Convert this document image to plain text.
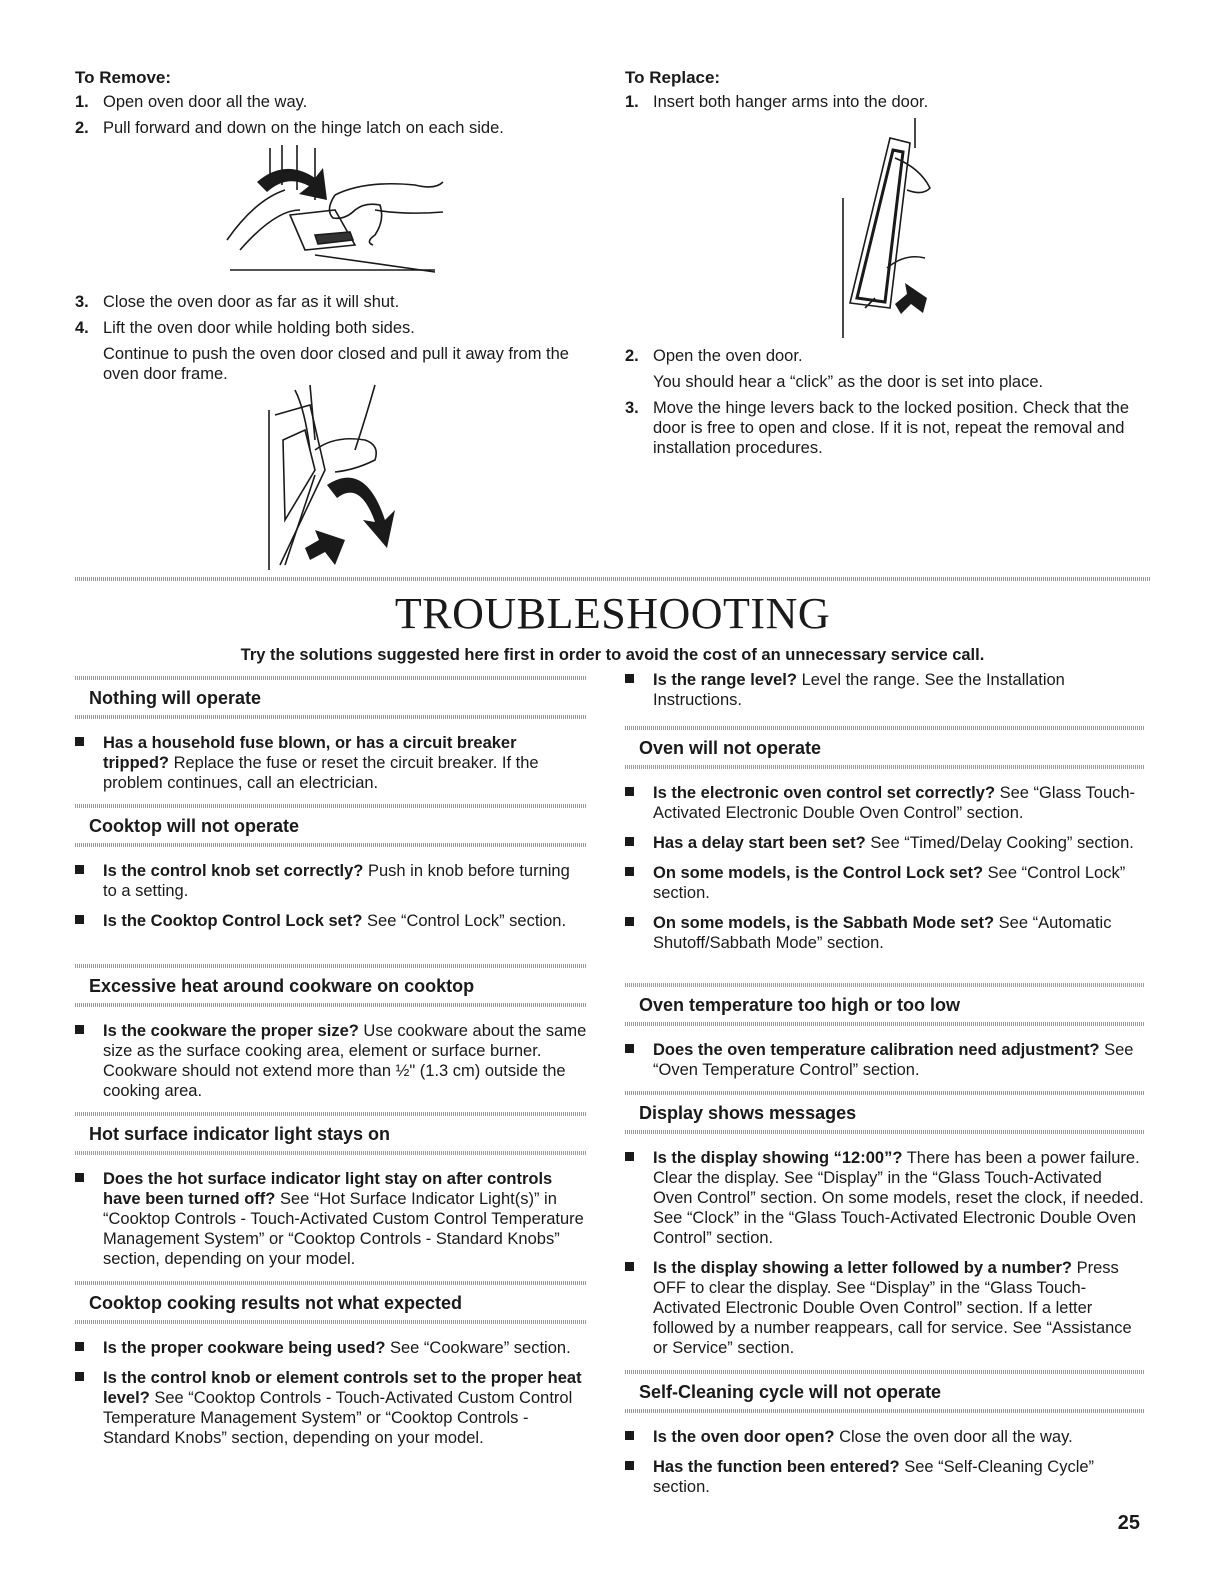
To Remove:
1. Open oven door all the way.
2. Pull forward and down on the hinge latch on each side.
3. Close the oven door as far as it will shut.
4. Lift the oven door while holding both sides.
Continue to push the oven door closed and pull it away from the oven door frame.
To Replace:
1. Insert both hanger arms into the door.
2. Open the oven door.
You should hear a “click” as the door is set into place.
3. Move the hinge levers back to the locked position. Check that the door is free to open and close. If it is not, repeat the removal and installation procedures.
TROUBLESHOOTING
Try the solutions suggested here first in order to avoid the cost of an unnecessary service call.
Nothing will operate
Has a household fuse blown, or has a circuit breaker tripped? Replace the fuse or reset the circuit breaker. If the problem continues, call an electrician.
Cooktop will not operate
Is the control knob set correctly? Push in knob before turning to a setting.
Is the Cooktop Control Lock set? See “Control Lock” section.
Excessive heat around cookware on cooktop
Is the cookware the proper size? Use cookware about the same size as the surface cooking area, element or surface burner. Cookware should not extend more than ½" (1.3 cm) outside the cooking area.
Hot surface indicator light stays on
Does the hot surface indicator light stay on after controls have been turned off? See “Hot Surface Indicator Light(s)” in “Cooktop Controls - Touch-Activated Custom Control Temperature Management System” or “Cooktop Controls - Standard Knobs” section, depending on your model.
Cooktop cooking results not what expected
Is the proper cookware being used? See “Cookware” section.
Is the control knob or element controls set to the proper heat level? See “Cooktop Controls - Touch-Activated Custom Control Temperature Management System” or “Cooktop Controls - Standard Knobs” section, depending on your model.
Is the range level? Level the range. See the Installation Instructions.
Oven will not operate
Is the electronic oven control set correctly? See “Glass Touch-Activated Electronic Double Oven Control” section.
Has a delay start been set? See “Timed/Delay Cooking” section.
On some models, is the Control Lock set? See “Control Lock” section.
On some models, is the Sabbath Mode set? See “Automatic Shutoff/Sabbath Mode” section.
Oven temperature too high or too low
Does the oven temperature calibration need adjustment? See “Oven Temperature Control” section.
Display shows messages
Is the display showing “12:00”? There has been a power failure. Clear the display. See “Display” in the “Glass Touch-Activated Oven Control” section. On some models, reset the clock, if needed. See “Clock” in the “Glass Touch-Activated Electronic Double Oven Control” section.
Is the display showing a letter followed by a number? Press OFF to clear the display. See “Display” in the “Glass Touch-Activated Electronic Double Oven Control” section. If a letter followed by a number reappears, call for service. See “Assistance or Service” section.
Self-Cleaning cycle will not operate
Is the oven door open? Close the oven door all the way.
Has the function been entered? See “Self-Cleaning Cycle” section.
25
